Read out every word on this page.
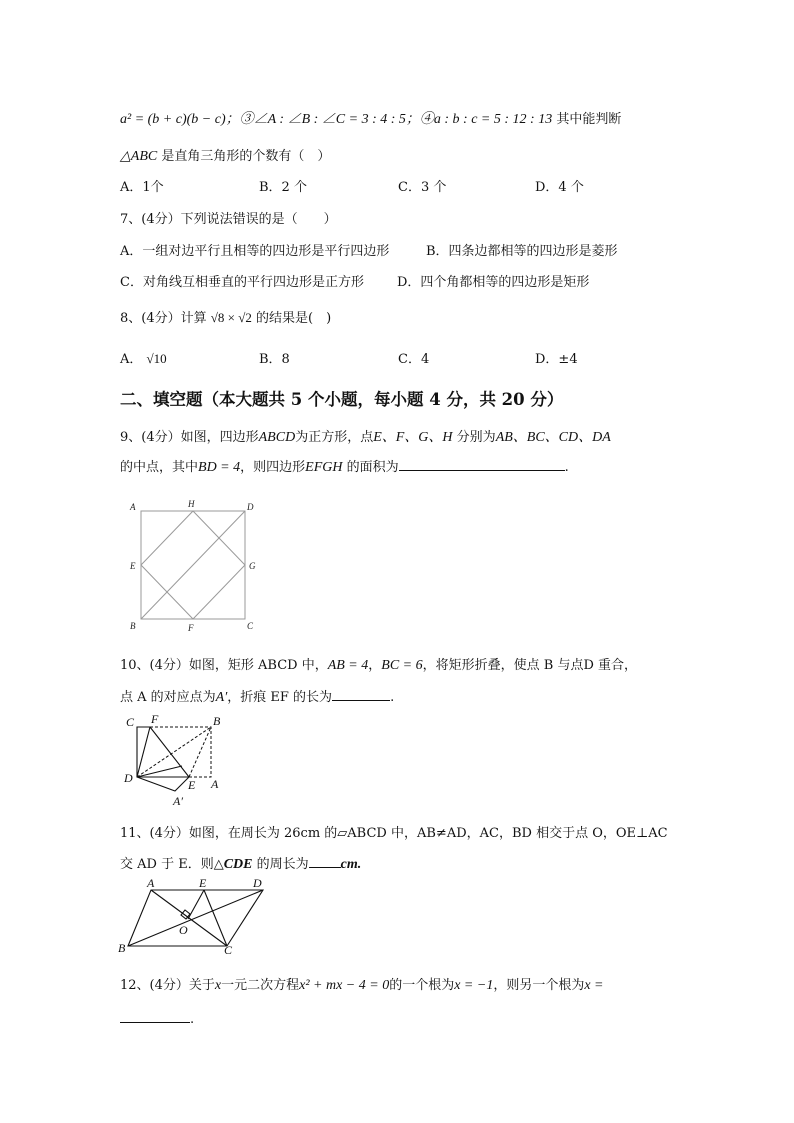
a² = (b + c)(b − c)；③∠A : ∠B : ∠C = 3 : 4 : 5；④a : b : c = 5 : 12 : 13 其中能判断
△ABC 是直角三角形的个数有（　）
A．1个	B．2 个	C．3 个	D．4 个
7、(4分）下列说法错误的是（　　）
A．一组对边平行且相等的四边形是平行四边形	B．四条边都相等的四边形是菱形
C．对角线互相垂直的平行四边形是正方形	D．四个角都相等的四边形是矩形
8、(4分）计算 √8 × √2 的结果是(　)
A． √10	B．8	C．4	D．±4
二、填空题（本大题共 5 个小题，每小题 4 分，共 20 分）
9、(4分）如图，四边形ABCD为正方形，点E、F、G、H 分别为AB、BC、CD、DA
的中点，其中BD = 4，则四边形EFGH 的面积为	.
A	H	D
E	G
B	F	C
10、(4分）如图，矩形 ABCD 中，AB = 4，BC = 6，将矩形折叠，使点 B 与点D 重合，
点 A 的对应点为A′，折痕 EF 的长为	.
C F	B
D	E A
A′
11、(4分）如图，在周长为 26cm 的▱ABCD 中，AB≠AD，AC，BD 相交于点 O，OE⊥AC
交 AD 于 E．则△CDE 的周长为 cm.
A	E	D
O
B	C
12、(4分）关于x一元二次方程x² + mx − 4 = 0的一个根为x = −1，则另一个根为x =
.
